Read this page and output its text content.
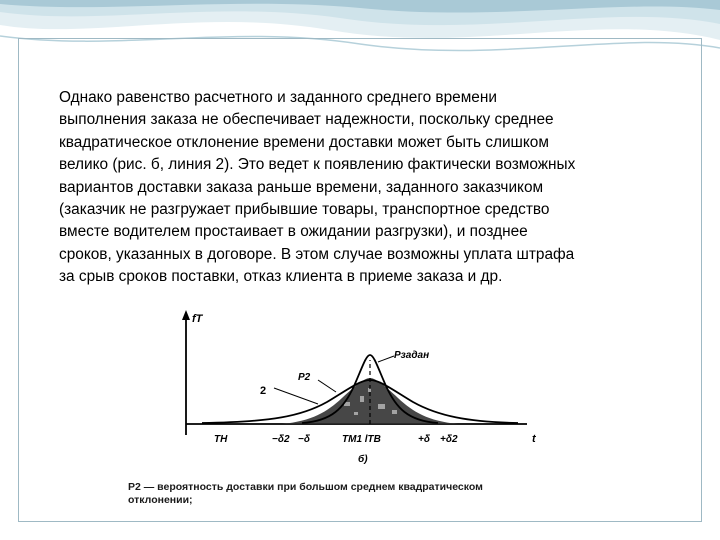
Однако равенство расчетного и заданного среднего времени
выполнения заказа не обеспечивает надежности, поскольку среднее
квадратическое отклонение времени доставки может быть слишком
велико (рис. б, линия 2). Это ведет к появлению фактически возможных
вариантов доставки заказа раньше времени, заданного заказчиком
(заказчик не разгружает прибывшие товары, транспортное средство
вместе водителем простаивает в ожидании разгрузки), и позднее
сроков, указанных в договоре. В этом случае возможны уплата штрафа
за срыв сроков поставки, отказ клиента в приеме заказа и др.

fT
t
Pзадан
P2
2
TH	−δ2 −δ	TM1 lTB	+δ +δ2
б)
P2 — вероятность доставки при большом среднем квадратическом
отклонении;
